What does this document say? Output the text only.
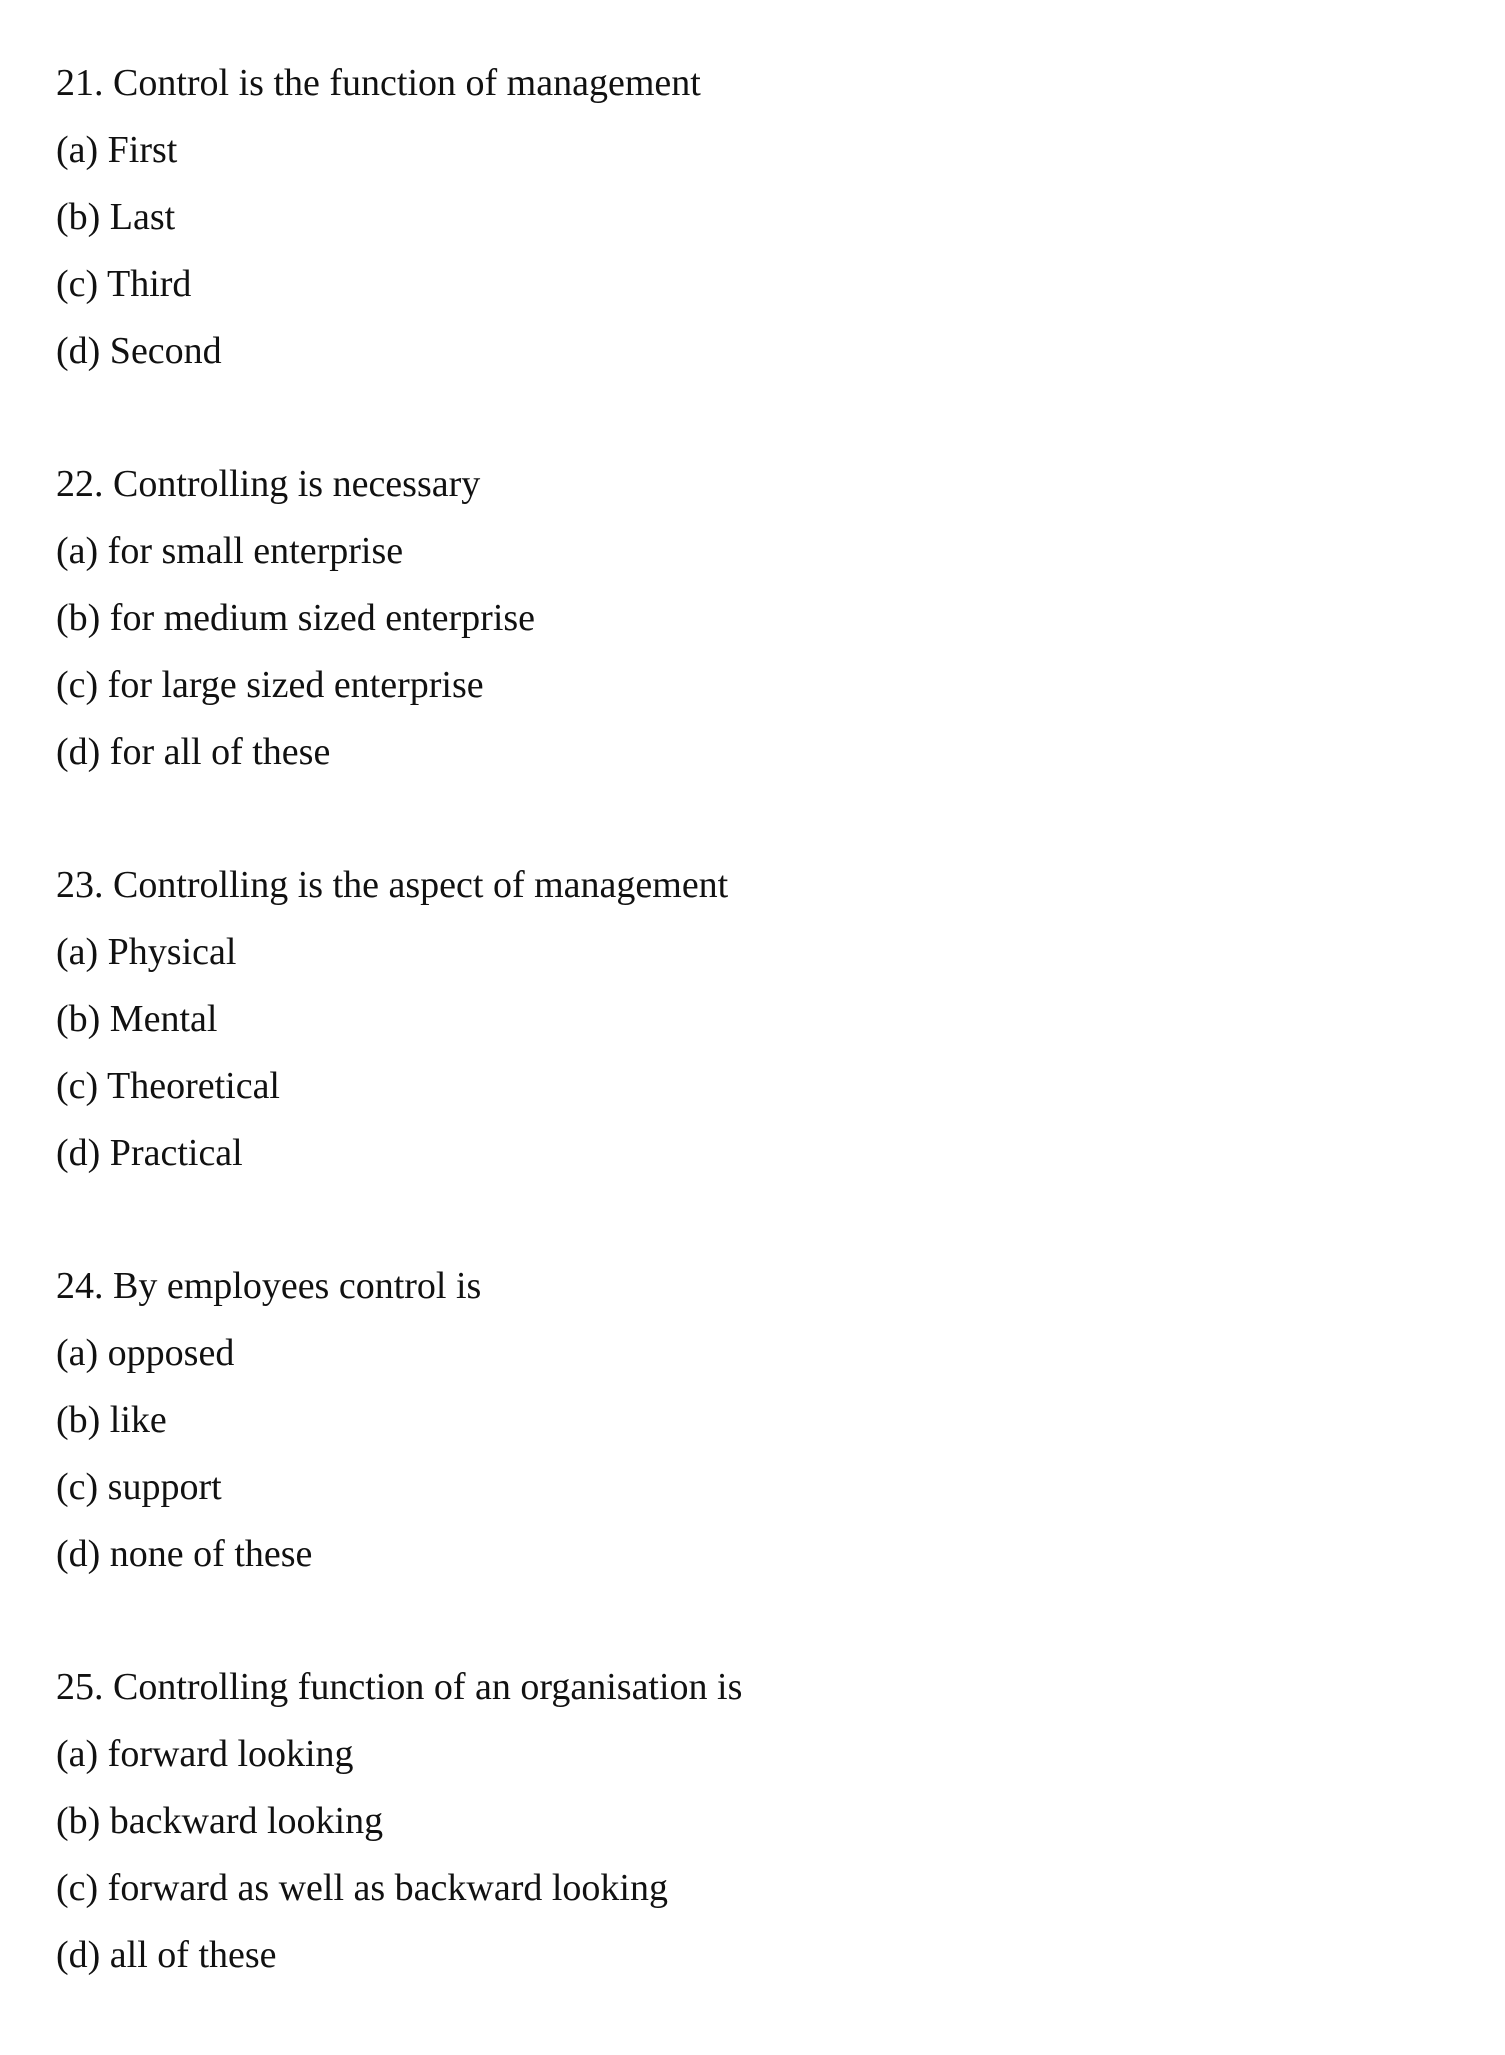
21. Control is the function of management
(a) First
(b) Last
(c) Third
(d) Second
22. Controlling is necessary
(a) for small enterprise
(b) for medium sized enterprise
(c) for large sized enterprise
(d) for all of these
23. Controlling is the aspect of management
(a) Physical
(b) Mental
(c) Theoretical
(d) Practical
24. By employees control is
(a) opposed
(b) like
(c) support
(d) none of these
25. Controlling function of an organisation is
(a) forward looking
(b) backward looking
(c) forward as well as backward looking
(d) all of these
